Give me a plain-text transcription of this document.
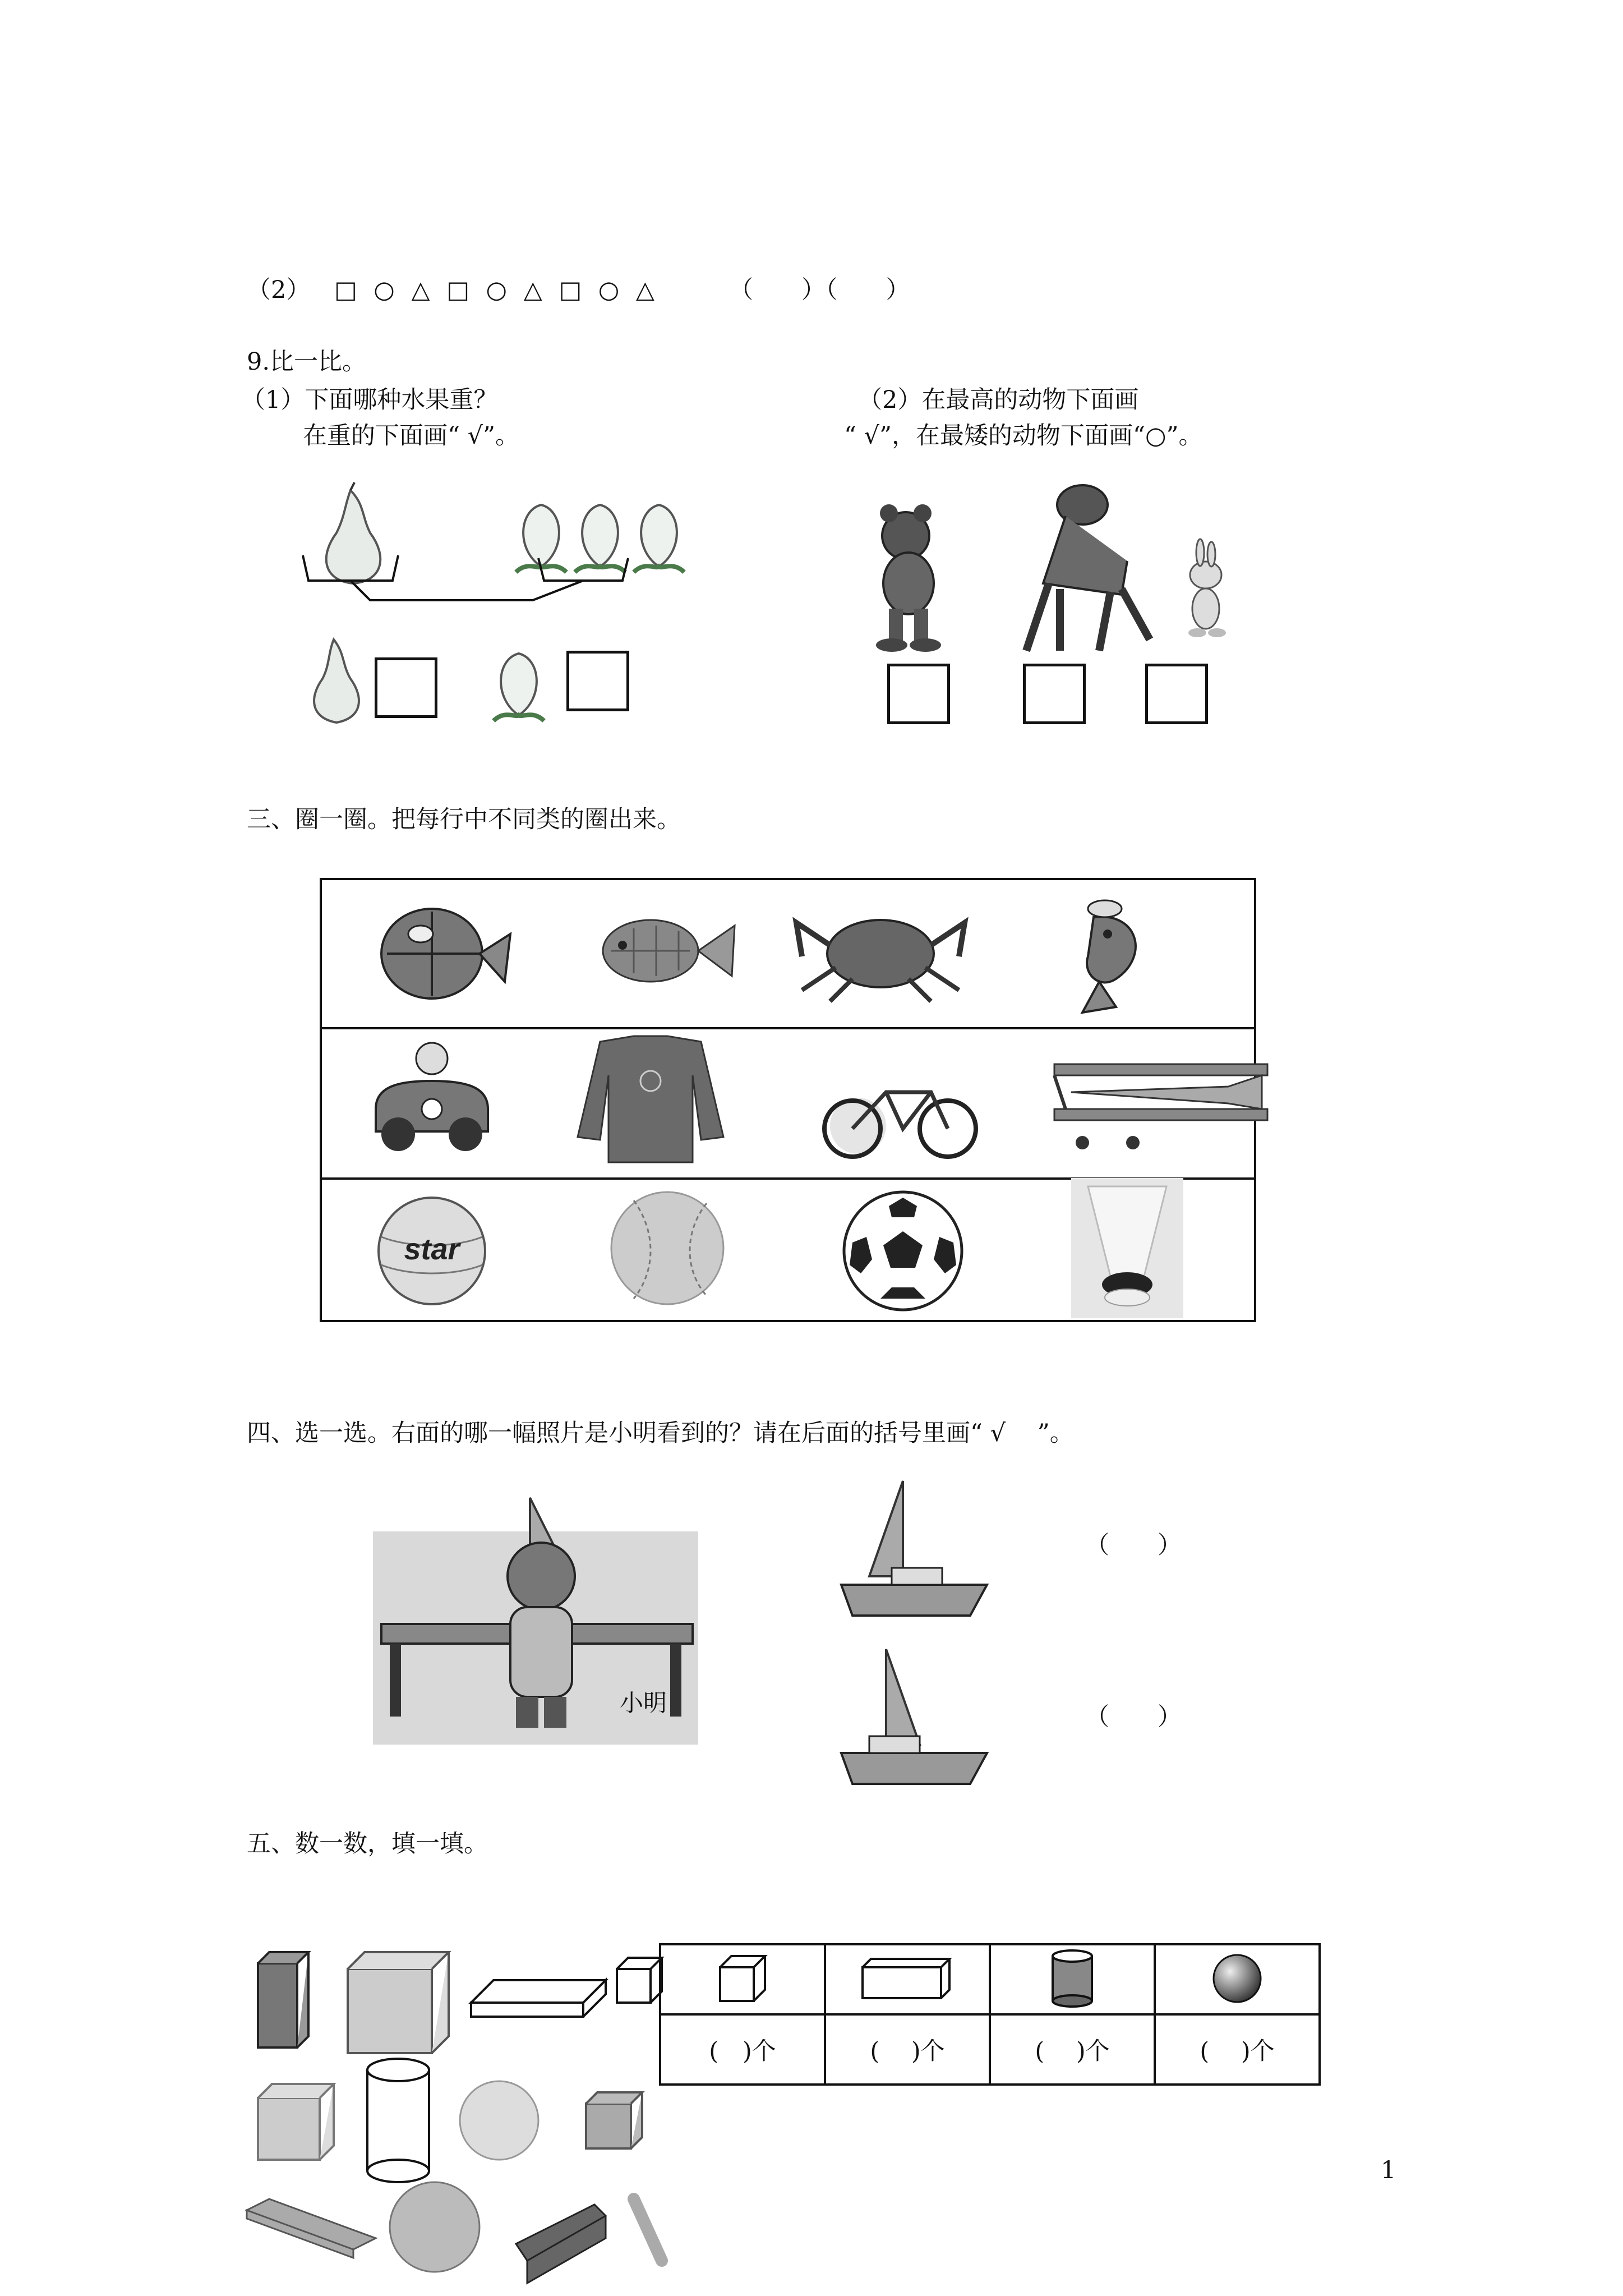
（2） □ ○ △ □ ○ △ □ ○ △	（　　）（　　）
9.比一比。
（1）下面哪种水果重？
在重的下面画“ √”。
（2）在最高的动物下面画
“ √”，在最矮的动物下面画“○”。
三、圈一圈。把每行中不同类的圈出来。
star
四、选一选。右面的哪一幅照片是小明看到的？请在后面的括号里画“ √　 ”。
小明
（　　）
（　　）
五、数一数，填一填。

(　)个	(　 )个	(　 )个	(　 )个
1
